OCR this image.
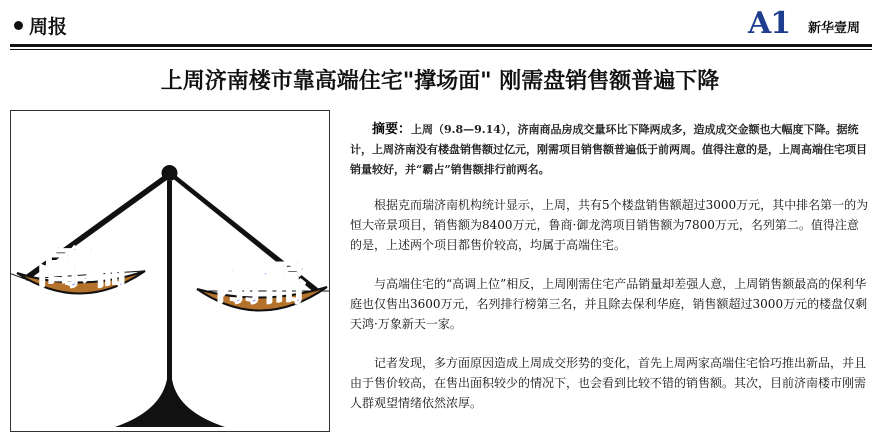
周报	A1 新华壹周
上周济南楼市靠高端住宅"撑场面" 刚需盘销售额普遍下降
高端 刚需

摘要：上周（9.8—9.14），济南商品房成交量环比下降两成多，造成成交金额也大幅度下降。据统计，上周济南没有楼盘销售额过亿元，刚需项目销售额普遍低于前两周。值得注意的是，上周高端住宅项目销量较好，并“霸占”销售额排行前两名。

根据克而瑞济南机构统计显示，上周，共有5个楼盘销售额超过3000万元，其中排名第一的为恒大帝景项目，销售额为8400万元，鲁商·御龙湾项目销售额为7800万元，名列第二。值得注意的是，上述两个项目都售价较高，均属于高端住宅。

与高端住宅的“高调上位”相反，上周刚需住宅产品销量却差强人意，上周销售额最高的保利华庭也仅售出3600万元，名列排行榜第三名，并且除去保利华庭，销售额超过3000万元的楼盘仅剩天鸿·万象新天一家。

记者发现，多方面原因造成上周成交形势的变化，首先上周两家高端住宅恰巧推出新品，并且由于售价较高，在售出面积较少的情况下，也会看到比较不错的销售额。其次，目前济南楼市刚需人群观望情绪依然浓厚。
